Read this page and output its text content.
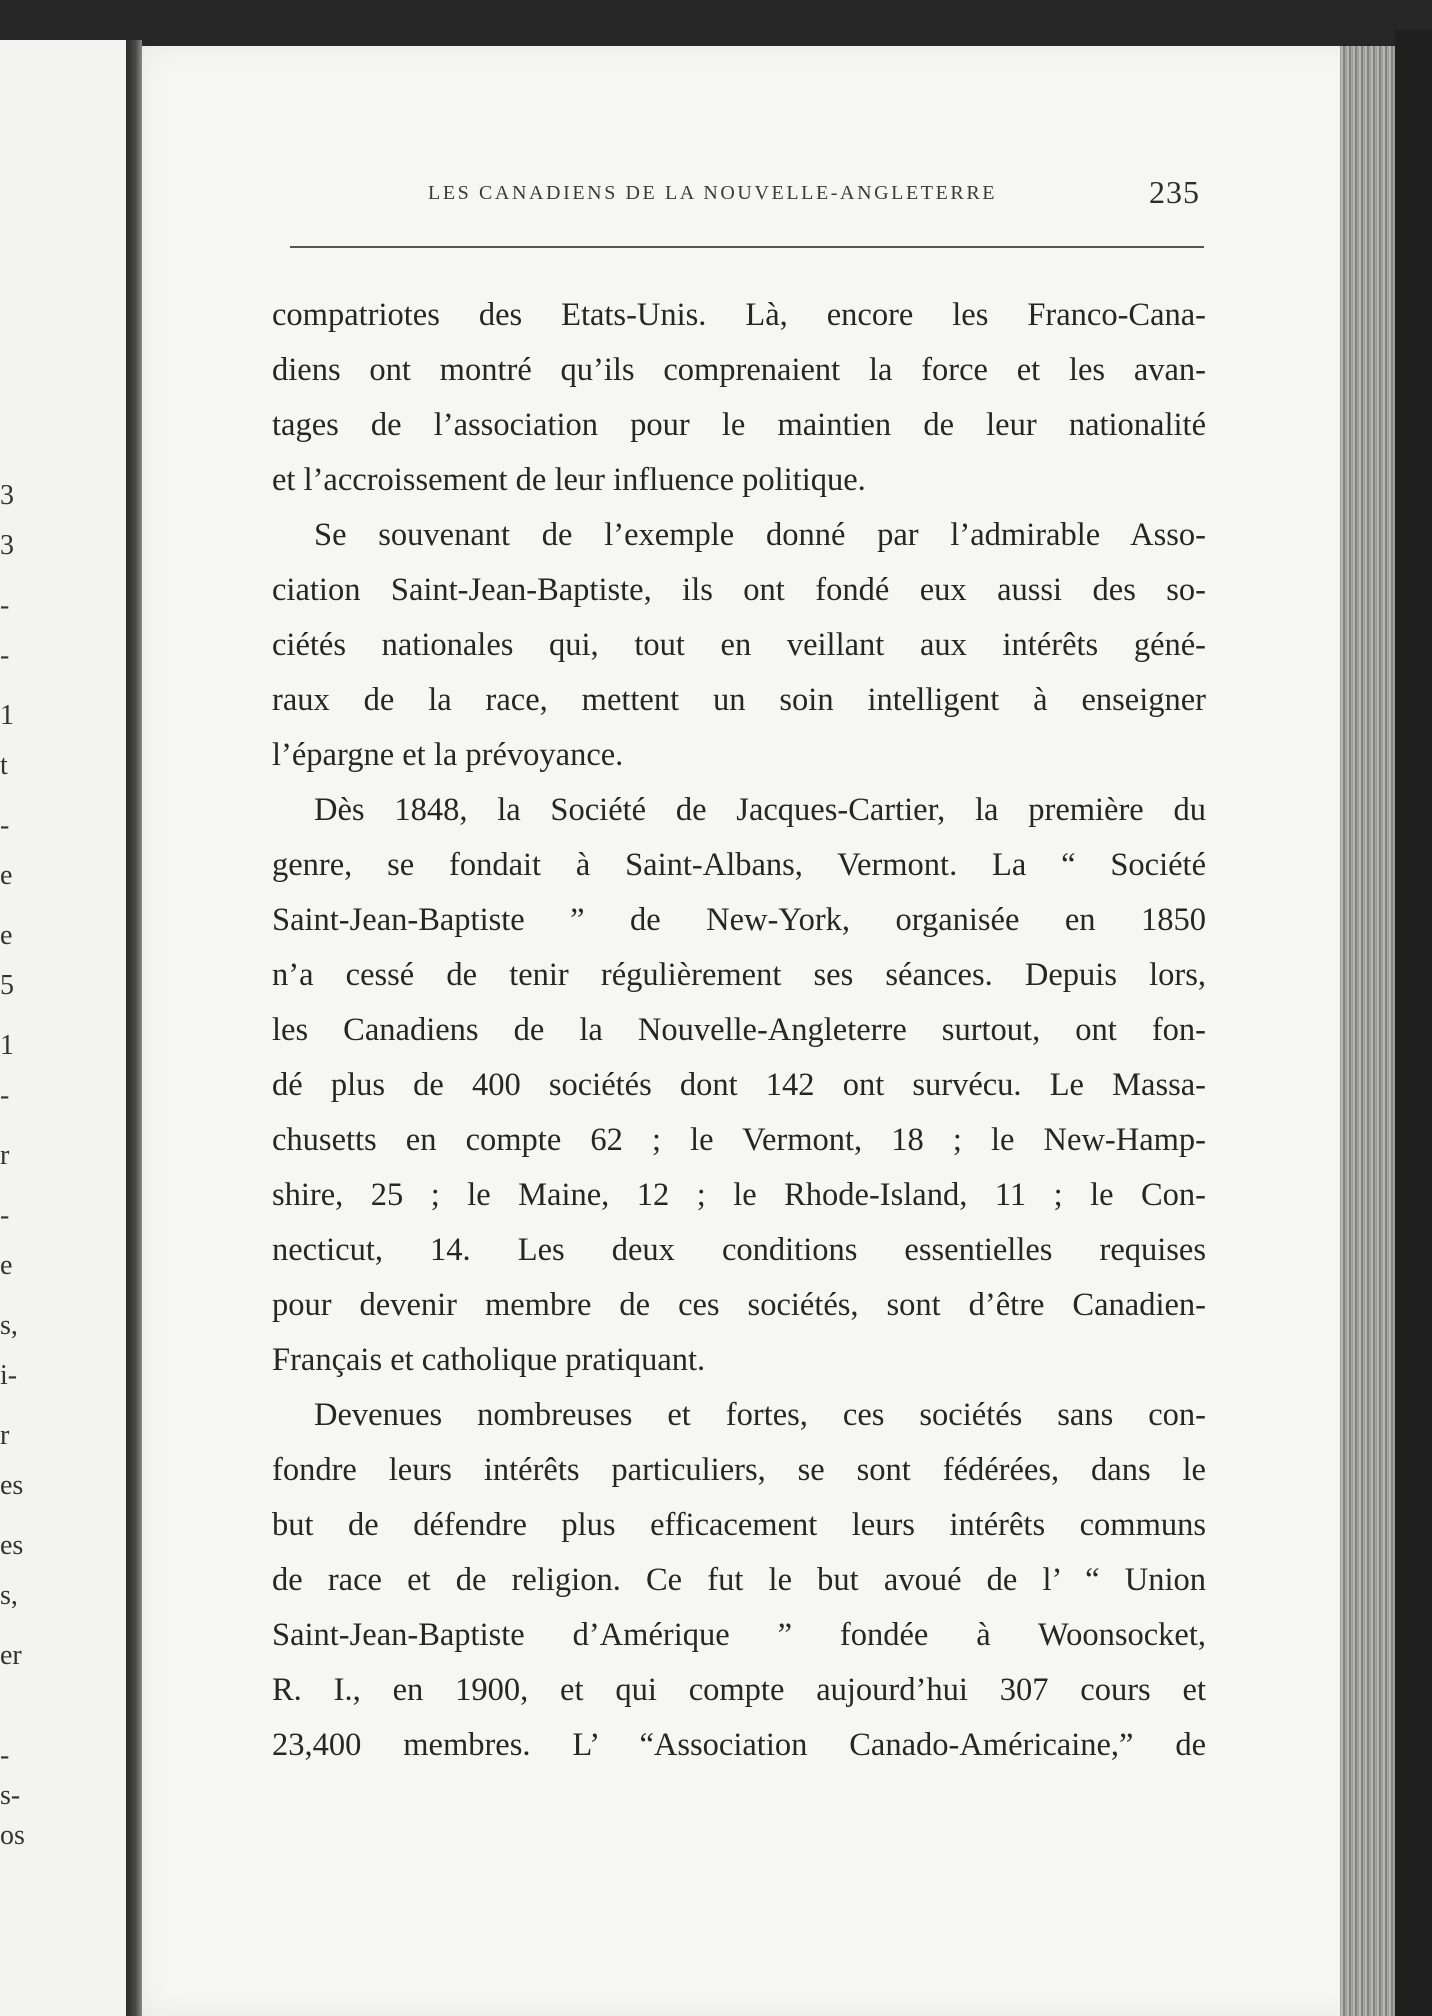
3
3
-
-
1
t
-
e
e
5
1
-
r
-
e
s,
i-
r
es
es
s,
er
-
s-
os
LES CANADIENS DE LA NOUVELLE-ANGLETERRE	235

compatriotes des Etats-Unis. Là, encore les Franco-Cana-
diens ont montré qu’ils comprenaient la force et les avan-
tages de l’association pour le maintien de leur nationalité
et l’accroissement de leur influence politique.

Se souvenant de l’exemple donné par l’admirable Asso-
ciation Saint-Jean-Baptiste, ils ont fondé eux aussi des so-
ciétés nationales qui, tout en veillant aux intérêts géné-
raux de la race, mettent un soin intelligent à enseigner
l’épargne et la prévoyance.

Dès 1848, la Société de Jacques-Cartier, la première du
genre, se fondait à Saint-Albans, Vermont. La “ Société
Saint-Jean-Baptiste ” de New-York, organisée en 1850
n’a cessé de tenir régulièrement ses séances. Depuis lors,
les Canadiens de la Nouvelle-Angleterre surtout, ont fon-
dé plus de 400 sociétés dont 142 ont survécu. Le Massa-
chusetts en compte 62 ; le Vermont, 18 ; le New-Hamp-
shire, 25 ; le Maine, 12 ; le Rhode-Island, 11 ; le Con-
necticut, 14. Les deux conditions essentielles requises
pour devenir membre de ces sociétés, sont d’être Canadien-
Français et catholique pratiquant.

Devenues nombreuses et fortes, ces sociétés sans con-
fondre leurs intérêts particuliers, se sont fédérées, dans le
but de défendre plus efficacement leurs intérêts communs
de race et de religion. Ce fut le but avoué de l’ “ Union
Saint-Jean-Baptiste d’Amérique ” fondée à Woonsocket,
R. I., en 1900, et qui compte aujourd’hui 307 cours et
23,400 membres. L’ “Association Canado-Américaine,” de
